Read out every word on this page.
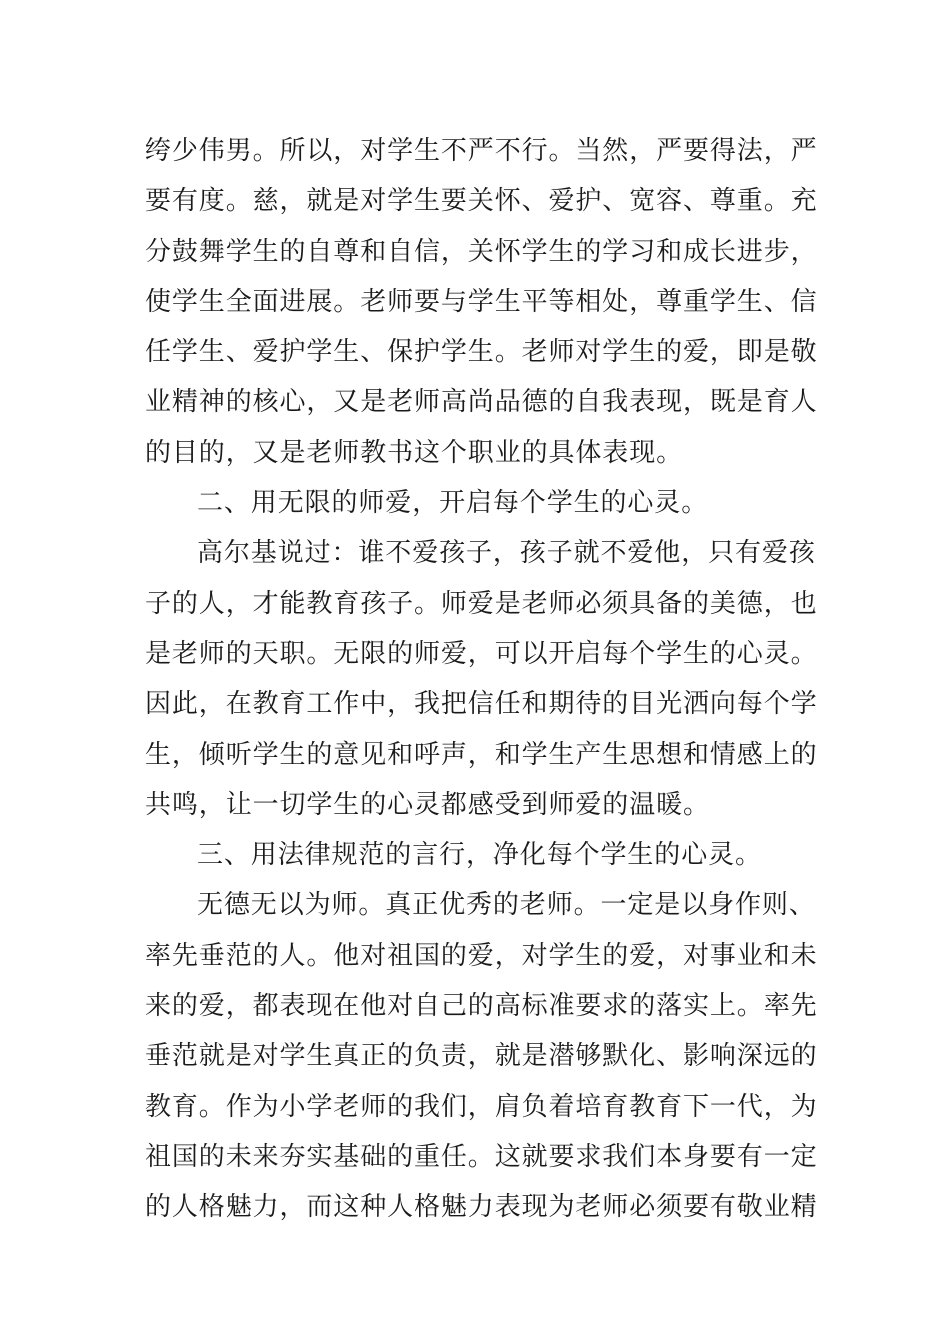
绔少伟男。所以，对学生不严不行。当然，严要得法，严
要有度。慈，就是对学生要关怀、爱护、宽容、尊重。充
分鼓舞学生的自尊和自信，关怀学生的学习和成长进步，
使学生全面进展。老师要与学生平等相处，尊重学生、信
任学生、爱护学生、保护学生。老师对学生的爱，即是敬
业精神的核心，又是老师高尚品德的自我表现，既是育人
的目的，又是老师教书这个职业的具体表现。
二、用无限的师爱，开启每个学生的心灵。
高尔基说过：谁不爱孩子，孩子就不爱他，只有爱孩
子的人，才能教育孩子。师爱是老师必须具备的美德，也
是老师的天职。无限的师爱，可以开启每个学生的心灵。
因此，在教育工作中，我把信任和期待的目光洒向每个学
生，倾听学生的意见和呼声，和学生产生思想和情感上的
共鸣，让一切学生的心灵都感受到师爱的温暖。
三、用法律规范的言行，净化每个学生的心灵。
无德无以为师。真正优秀的老师。一定是以身作则、
率先垂范的人。他对祖国的爱，对学生的爱，对事业和未
来的爱，都表现在他对自己的高标准要求的落实上。率先
垂范就是对学生真正的负责，就是潜够默化、影响深远的
教育。作为小学老师的我们，肩负着培育教育下一代，为
祖国的未来夯实基础的重任。这就要求我们本身要有一定
的人格魅力，而这种人格魅力表现为老师必须要有敬业精
